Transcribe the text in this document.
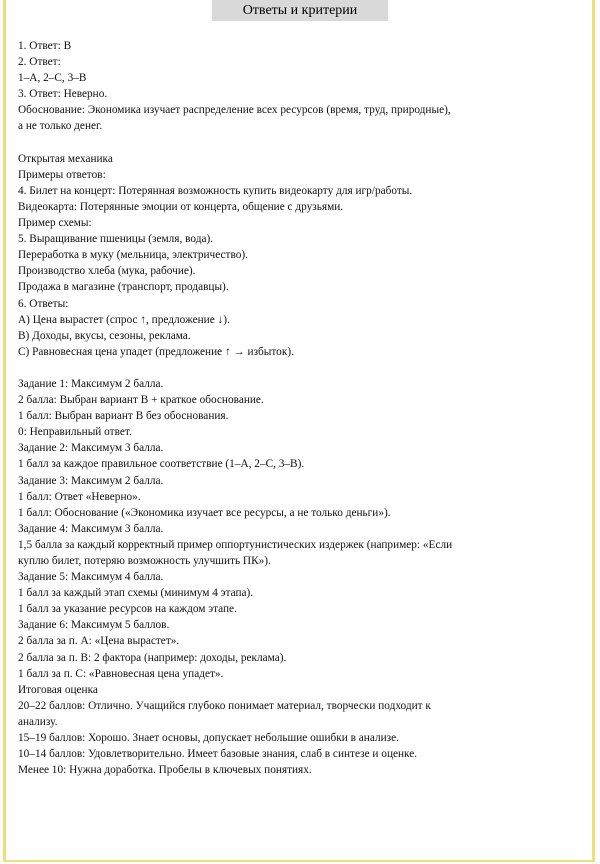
Ответы и критерии
1. Ответ: В
2. Ответ:
1–А, 2–С, 3–В
3. Ответ: Неверно.
Обоснование: Экономика изучает распределение всех ресурсов (время, труд, природные),
а не только денег.
Открытая механика
Примеры ответов:
4. Билет на концерт: Потерянная возможность купить видеокарту для игр/работы.
Видеокарта: Потерянные эмоции от концерта, общение с друзьями.
Пример схемы:
5. Выращивание пшеницы (земля, вода).
Переработка в муку (мельница, электричество).
Производство хлеба (мука, рабочие).
Продажа в магазине (транспорт, продавцы).
6. Ответы:
А) Цена вырастет (спрос ↑, предложение ↓).
В) Доходы, вкусы, сезоны, реклама.
С) Равновесная цена упадет (предложение ↑ → избыток).
Задание 1: Максимум 2 балла.
2 балла: Выбран вариант В + краткое обоснование.
1 балл: Выбран вариант В без обоснования.
0: Неправильный ответ.
Задание 2: Максимум 3 балла.
1 балл за каждое правильное соответствие (1–А, 2–С, 3–В).
Задание 3: Максимум 2 балла.
1 балл: Ответ «Неверно».
1 балл: Обоснование («Экономика изучает все ресурсы, а не только деньги»).
Задание 4: Максимум 3 балла.
1,5 балла за каждый корректный пример оппортунистических издержек (например: «Если
куплю билет, потеряю возможность улучшить ПК»).
Задание 5: Максимум 4 балла.
1 балл за каждый этап схемы (минимум 4 этапа).
1 балл за указание ресурсов на каждом этапе.
Задание 6: Максимум 5 баллов.
2 балла за п. А: «Цена вырастет».
2 балла за п. В: 2 фактора (например: доходы, реклама).
1 балл за п. С: «Равновесная цена упадет».
Итоговая оценка
20–22 баллов: Отлично. Учащийся глубоко понимает материал, творчески подходит к
анализу.
15–19 баллов: Хорошо. Знает основы, допускает небольшие ошибки в анализе.
10–14 баллов: Удовлетворительно. Имеет базовые знания, слаб в синтезе и оценке.
Менее 10: Нужна доработка. Пробелы в ключевых понятиях.
